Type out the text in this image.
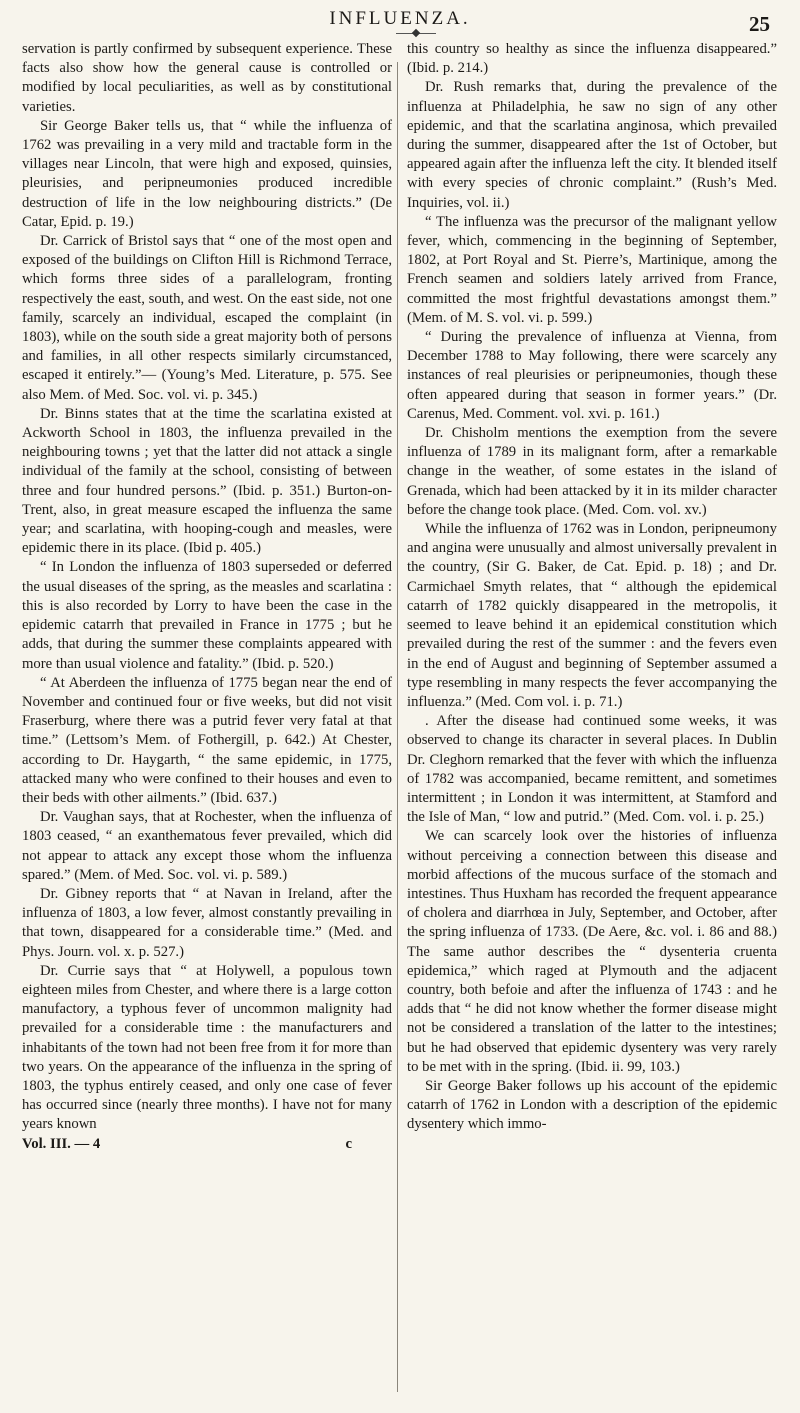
INFLUENZA.	25

servation is partly confirmed by subsequent experience. These facts also show how the general cause is controlled or modified by local peculiarities, as well as by constitutional varieties.

Sir George Baker tells us, that “ while the influenza of 1762 was prevailing in a very mild and tractable form in the villages near Lincoln, that were high and exposed, quinsies, pleurisies, and peripneumonies produced incredible destruction of life in the low neighbouring districts.” (De Catar, Epid. p. 19.)

Dr. Carrick of Bristol says that “ one of the most open and exposed of the buildings on Clifton Hill is Richmond Terrace, which forms three sides of a parallelogram, fronting respectively the east, south, and west. On the east side, not one family, scarcely an individual, escaped the complaint (in 1803), while on the south side a great majority both of persons and families, in all other respects similarly circumstanced, escaped it entirely.”— (Young’s Med. Literature, p. 575. See also Mem. of Med. Soc. vol. vi. p. 345.)

Dr. Binns states that at the time the scarlatina existed at Ackworth School in 1803, the influenza prevailed in the neighbouring towns ; yet that the latter did not attack a single individual of the family at the school, consisting of between three and four hundred persons.” (Ibid. p. 351.) Burton-on-Trent, also, in great measure escaped the influenza the same year; and scarlatina, with hooping-cough and measles, were epidemic there in its place. (Ibid p. 405.)

“ In London the influenza of 1803 superseded or deferred the usual diseases of the spring, as the measles and scarlatina : this is also recorded by Lorry to have been the case in the epidemic catarrh that prevailed in France in 1775 ; but he adds, that during the summer these complaints appeared with more than usual violence and fatality.” (Ibid. p. 520.)

“ At Aberdeen the influenza of 1775 began near the end of November and continued four or five weeks, but did not visit Fraserburg, where there was a putrid fever very fatal at that time.” (Lettsom’s Mem. of Fothergill, p. 642.) At Chester, according to Dr. Haygarth, “ the same epidemic, in 1775, attacked many who were confined to their houses and even to their beds with other ailments.” (Ibid. 637.)

Dr. Vaughan says, that at Rochester, when the influenza of 1803 ceased, “ an exanthematous fever prevailed, which did not appear to attack any except those whom the influenza spared.” (Mem. of Med. Soc. vol. vi. p. 589.)

Dr. Gibney reports that “ at Navan in Ireland, after the influenza of 1803, a low fever, almost constantly prevailing in that town, disappeared for a considerable time.” (Med. and Phys. Journ. vol. x. p. 527.)

Dr. Currie says that “ at Holywell, a populous town eighteen miles from Chester, and where there is a large cotton manufactory, a typhous fever of uncommon malignity had prevailed for a considerable time : the manufacturers and inhabitants of the town had not been free from it for more than two years. On the appearance of the influenza in the spring of 1803, the typhus entirely ceased, and only one case of fever has occurred since (nearly three months). I have not for many years known

Vol. III. — 4	c

this country so healthy as since the influenza disappeared.” (Ibid. p. 214.)

Dr. Rush remarks that, during the prevalence of the influenza at Philadelphia, he saw no sign of any other epidemic, and that the scarlatina anginosa, which prevailed during the summer, disappeared after the 1st of October, but appeared again after the influenza left the city. It blended itself with every species of chronic complaint.” (Rush’s Med. Inquiries, vol. ii.)

“ The influenza was the precursor of the malignant yellow fever, which, commencing in the beginning of September, 1802, at Port Royal and St. Pierre’s, Martinique, among the French seamen and soldiers lately arrived from France, committed the most frightful devastations amongst them.” (Mem. of M. S. vol. vi. p. 599.)

“ During the prevalence of influenza at Vienna, from December 1788 to May following, there were scarcely any instances of real pleurisies or peripneumonies, though these often appeared during that season in former years.” (Dr. Carenus, Med. Comment. vol. xvi. p. 161.)

Dr. Chisholm mentions the exemption from the severe influenza of 1789 in its malignant form, after a remarkable change in the weather, of some estates in the island of Grenada, which had been attacked by it in its milder character before the change took place. (Med. Com. vol. xv.)

While the influenza of 1762 was in London, peripneumony and angina were unusually and almost universally prevalent in the country, (Sir G. Baker, de Cat. Epid. p. 18) ; and Dr. Carmichael Smyth relates, that “ although the epidemical catarrh of 1782 quickly disappeared in the metropolis, it seemed to leave behind it an epidemical constitution which prevailed during the rest of the summer : and the fevers even in the end of August and beginning of September assumed a type resembling in many respects the fever accompanying the influenza.” (Med. Com vol. i. p. 71.)

. After the disease had continued some weeks, it was observed to change its character in several places. In Dublin Dr. Cleghorn remarked that the fever with which the influenza of 1782 was accompanied, became remittent, and sometimes intermittent ; in London it was intermittent, at Stamford and the Isle of Man, “ low and putrid.” (Med. Com. vol. i. p. 25.)

We can scarcely look over the histories of influenza without perceiving a connection between this disease and morbid affections of the mucous surface of the stomach and intestines. Thus Huxham has recorded the frequent appearance of cholera and diarrhœa in July, September, and October, after the spring influenza of 1733. (De Aere, &c. vol. i. 86 and 88.) The same author describes the “ dysenteria cruenta epidemica,” which raged at Plymouth and the adjacent country, both befoie and after the influenza of 1743 : and he adds that “ he did not know whether the former disease might not be considered a translation of the latter to the intestines; but he had observed that epidemic dysentery was very rarely to be met with in the spring. (Ibid. ii. 99, 103.)

Sir George Baker follows up his account of the epidemic catarrh of 1762 in London with a description of the epidemic dysentery which immo-
